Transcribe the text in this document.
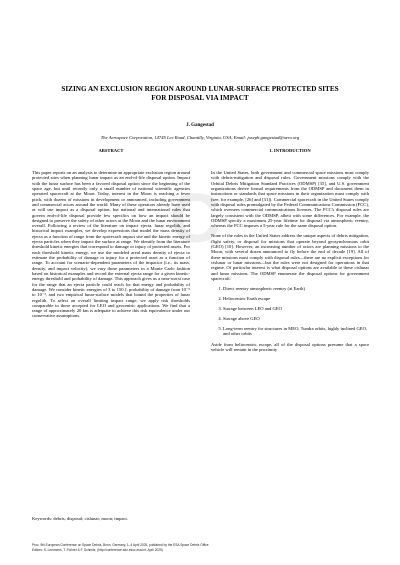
C
SIZING AN EXCLUSION REGION AROUND LUNAR-SURFACE PROTECTED SITES
FOR DISPOSAL VIA IMPACT
J. Gangestad
The Aerospace Corporation, 14745 Lee Road, Chantilly, Virginia, USA, Email: joseph.gangestad@aero.org

ABSTRACT

This paper reports on an analysis to determine an appropriate exclusion region around protected sites when planning lunar impact as an end-of-life disposal option. Impact with the lunar surface has been a favored disposal option since the beginning of the space age, but until recently only a small number of national scientific agencies operated spacecraft at the Moon. Today, interest in the Moon is reaching a fever pitch, with dozens of missions in development or announced, including government and commercial actors around the world. Many of these operators already have used or will use impact as a disposal option, but national and international rules that govern end-of-life disposal provide few specifics on how an impact should be designed to preserve the safety of other actors at the Moon and the lunar environment overall. Following a review of the literature on impact ejecta, lunar regolith, and historical impact examples, we develop expressions that model the mass density of ejecta as a function of range from the spacecraft impact site and the kinetic energy of ejecta particles when they impact the surface at range. We identify from the literature threshold kinetic energies that correspond to damage or injury of protected assets. For each threshold kinetic energy, we use the modeled areal mass density of ejecta to estimate the probability of damage or injury for a protected asset as a function of range. To account for scenario-dependent parameters of the impactor (i.e., its mass, density, and impact velocity), we vary those parameters in a Monte Carlo fashion based on historical examples and record the external ejecta range for a given kinetic-energy threshold and probability of damage. This approach gives us a near-worst case for the range that an ejecta particle could reach for that energy and probability of damage. We consider kinetic energies of 3 to 150 J, probability of damage from 10⁻⁵ to 10⁻³, and two empirical lunar-surface models that bound the properties of lunar regolith. To select an overall limiting impact range, we apply risk thresholds comparable to those accepted for LEO and geocentric applications. We find that a range of approximately 20 km is adequate to achieve this risk equivalence under our conservative assumptions.

Keywords: debris; disposal; cislunar; moon; impact.

1. INTRODUCTION

In the United States, both government and commercial space missions must comply with debris-mitigation and disposal rules. Government missions comply with the Orbital Debris Mitigation Standard Practices (ODMSP) [35], and U.S. government organizations derive formal requirements from the ODMSP and document them in instructions or standards that space missions in their organization must comply with (see, for example, [26] and [31]). Commercial spacecraft in the United States comply with disposal rules promulgated by the Federal Communications Commission (FCC), which oversees commercial communications licenses. The FCC's disposal rules are largely consistent with the ODMSP, albeit with some differences. For example, the ODMSP specify a maximum 25-year lifetime for disposal via atmospheric reentry, whereas the FCC imposes a 5-year rule for the same disposal option.

None of the rules in the United States address the unique aspects of debris mitigation, flight safety, or disposal for missions that operate beyond geosynchronous orbit (GEO) [10]. However, an increasing number of actors are planning missions to the Moon, with several dozen announced to fly before the end of decade [19]. All of these missions must comply with disposal rules—there are no explicit exceptions for cislunar or lunar missions—but the rules were not designed for operations in that regime. Of particular interest is what disposal options are available to these cislunar and lunar missions. The ODMSP enumerate the disposal options for government spacecraft:

1. Direct reentry atmospheric reentry (at Earth)
2. Heliocentric Earth escape
3. Storage between LEO and GEO
4. Storage above GEO
5. Long-term reentry for structures in MEO, Tundra orbits, highly inclined GEO, and other orbits

Aside from heliocentric escape, all of the disposal options presume that a space vehicle will remain in the proximity

Proc. 9th European Conference on Space Debris, Bonn, Germany, 1–4 April 2025, published by the ESA Space Debris Office
Editors: S. Lemmens, T. Flohrer & F. Schmitz, (http://conference.sdo.esoc.esa.int, April 2025)
